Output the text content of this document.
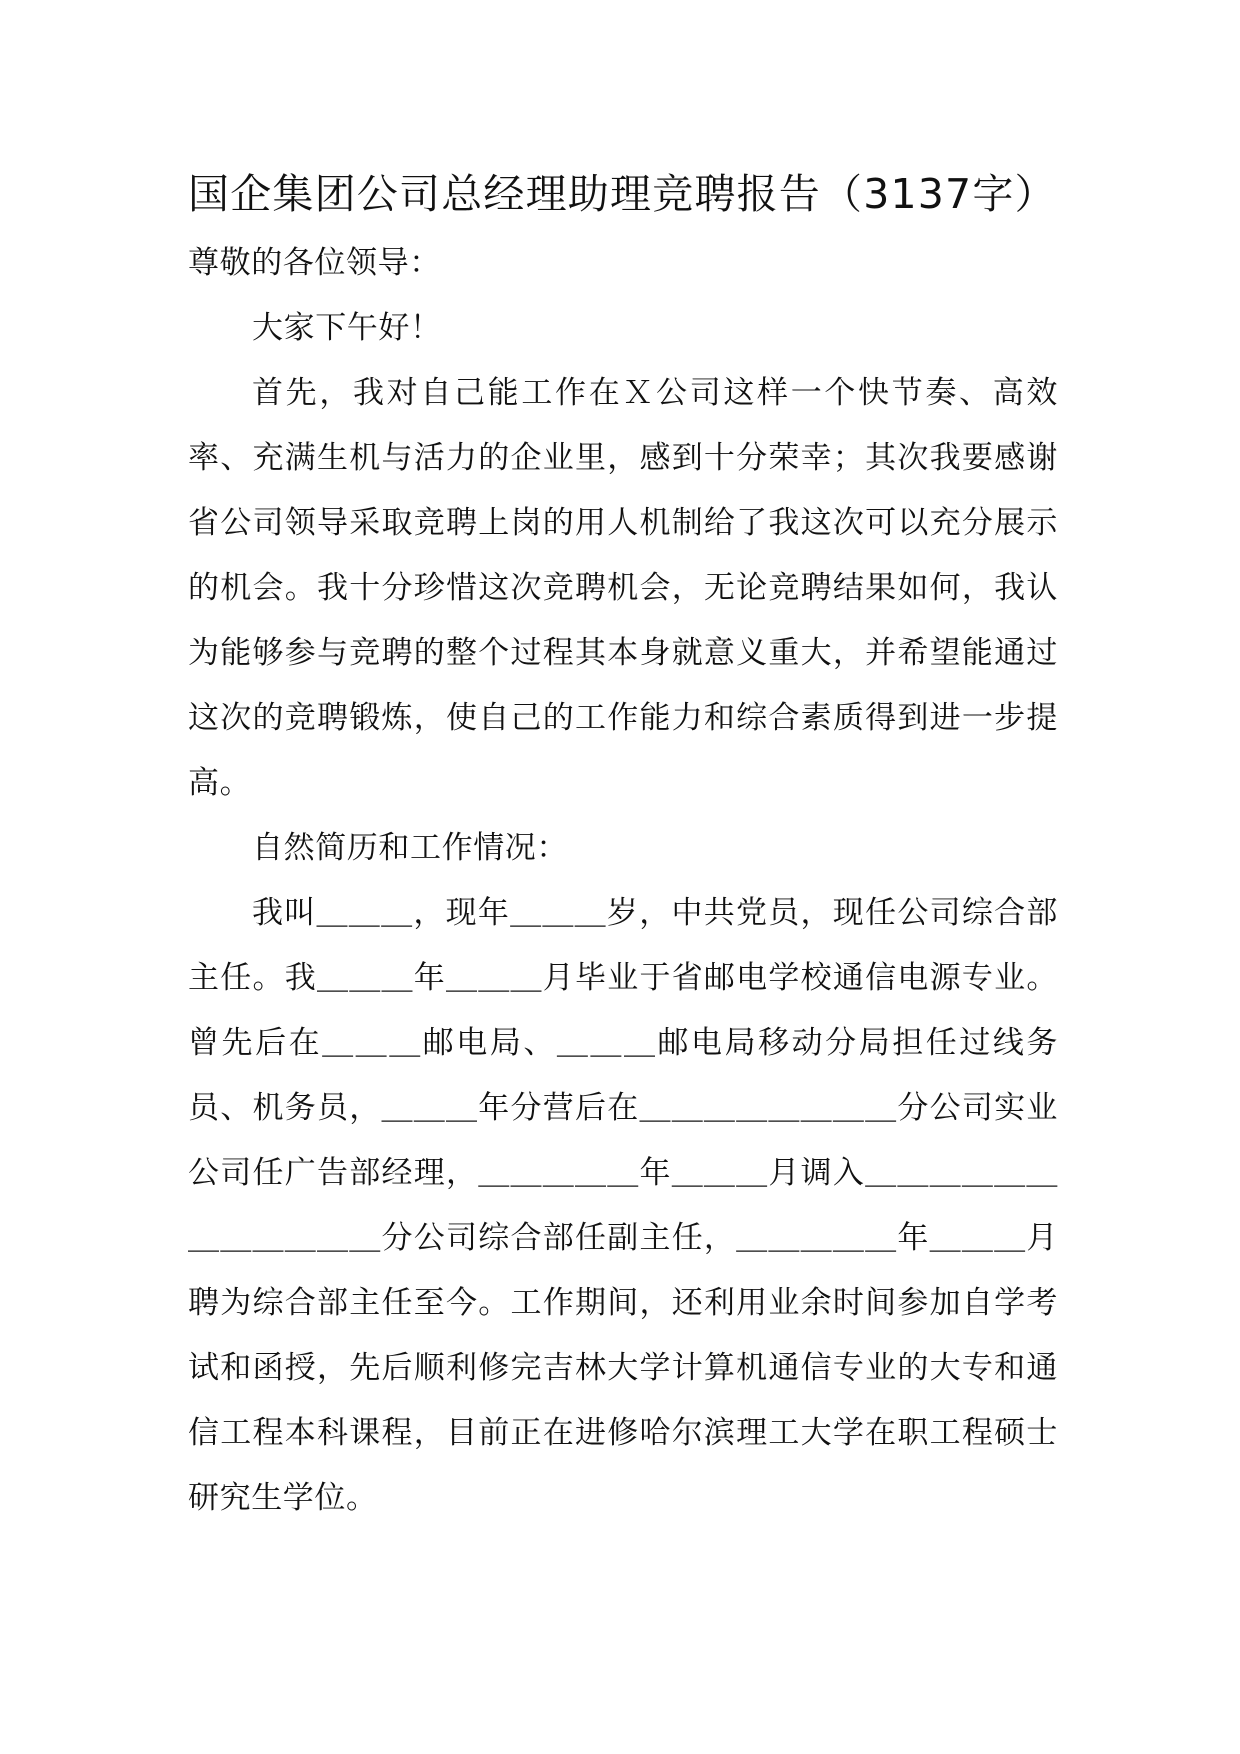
国企集团公司总经理助理竞聘报告（3137字）

尊敬的各位领导：

大家下午好！

首先，我对自己能工作在Ｘ公司这样一个快节奏、高效率、充满生机与活力的企业里，感到十分荣幸；其次我要感谢省公司领导采取竞聘上岗的用人机制给了我这次可以充分展示的机会。我十分珍惜这次竞聘机会，无论竞聘结果如何，我认为能够参与竞聘的整个过程其本身就意义重大，并希望能通过这次的竞聘锻炼，使自己的工作能力和综合素质得到进一步提高。

自然简历和工作情况：

我叫＿＿＿，现年＿＿＿岁，中共党员，现任公司综合部主任。我＿＿＿年＿＿＿月毕业于省邮电学校通信电源专业。曾先后在＿＿＿邮电局、＿＿＿邮电局移动分局担任过线务员、机务员，＿＿＿年分营后在＿＿＿＿＿＿＿＿分公司实业公司任广告部经理，＿＿＿＿＿年＿＿＿月调入＿＿＿＿＿＿＿＿＿＿＿＿分公司综合部任副主任，＿＿＿＿＿年＿＿＿月聘为综合部主任至今。工作期间，还利用业余时间参加自学考试和函授，先后顺利修完吉林大学计算机通信专业的大专和通信工程本科课程，目前正在进修哈尔滨理工大学在职工程硕士研究生学位。
